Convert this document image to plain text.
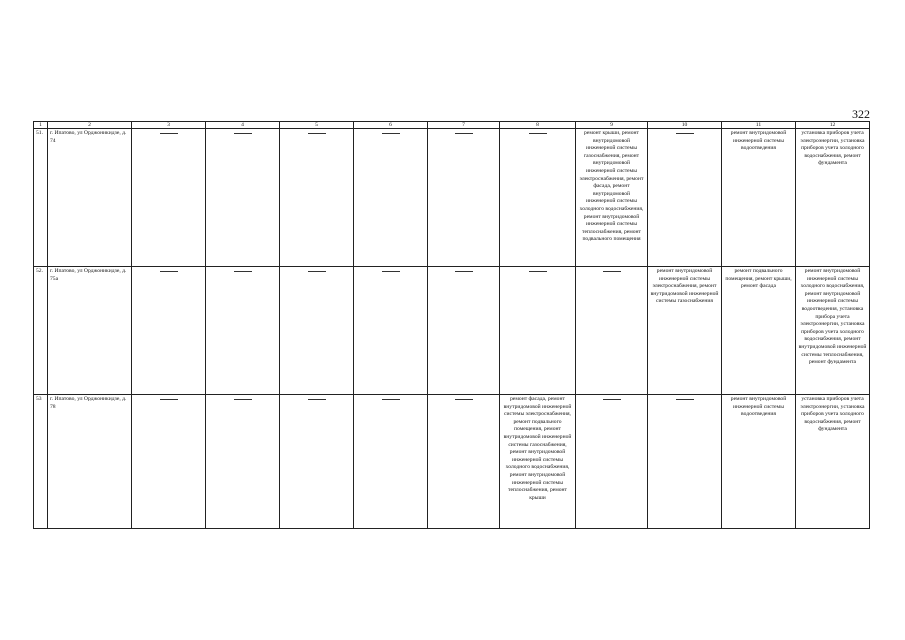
322
1	2	3	4	5	6	7	8	9	10	11	12
51.	г. Ипатово, ул Орджоникидзе, д. 74							ремонт крыши, ремонт внутридомовой инженерной системы газоснабжения, ремонт внутридомовой инженерной системы электроснабжения, ремонт фасада, ремонт внутридомовой инженерной системы холодного водоснабжения, ремонт внутридомовой инженерной системы теплоснабжения, ремонт подвального помещения		ремонт внутридомовой инженерной системы водоотведения	установка приборов учета электроэнергии, установка приборов учета холодного водоснабжения, ремонт фундамента
52.	г. Ипатово, ул Орджоникидзе, д. 75а								ремонт внутридомовой инженерной системы электроснабжения, ремонт внутридомовой инженерной системы газоснабжения	ремонт подвального помещения, ремонт крыши, ремонт фасада	ремонт внутридомовой инженерной системы холодного водоснабжения, ремонт внутридомовой инженерной системы водоотведения, установка прибора учета электроэнергии, установка приборов учета холодного водоснабжения, ремонт внутридомовой инженерной системы теплоснабжения, ремонт фундамента
53	г. Ипатово, ул Орджоникидзе, д. 78						ремонт фасада, ремонт внутридомовой инженерной системы электроснабжения, ремонт подвального помещения, ремонт внутридомовой инженерной системы газоснабжения, ремонт внутридомовой инженерной системы холодного водоснабжения, ремонт внутридомовой инженерной системы теплоснабжения, ремонт крыши			ремонт внутридомовой инженерной системы водоотведения	установка приборов учета электроэнергии, установка приборов учета холодного водоснабжения, ремонт фундамента
